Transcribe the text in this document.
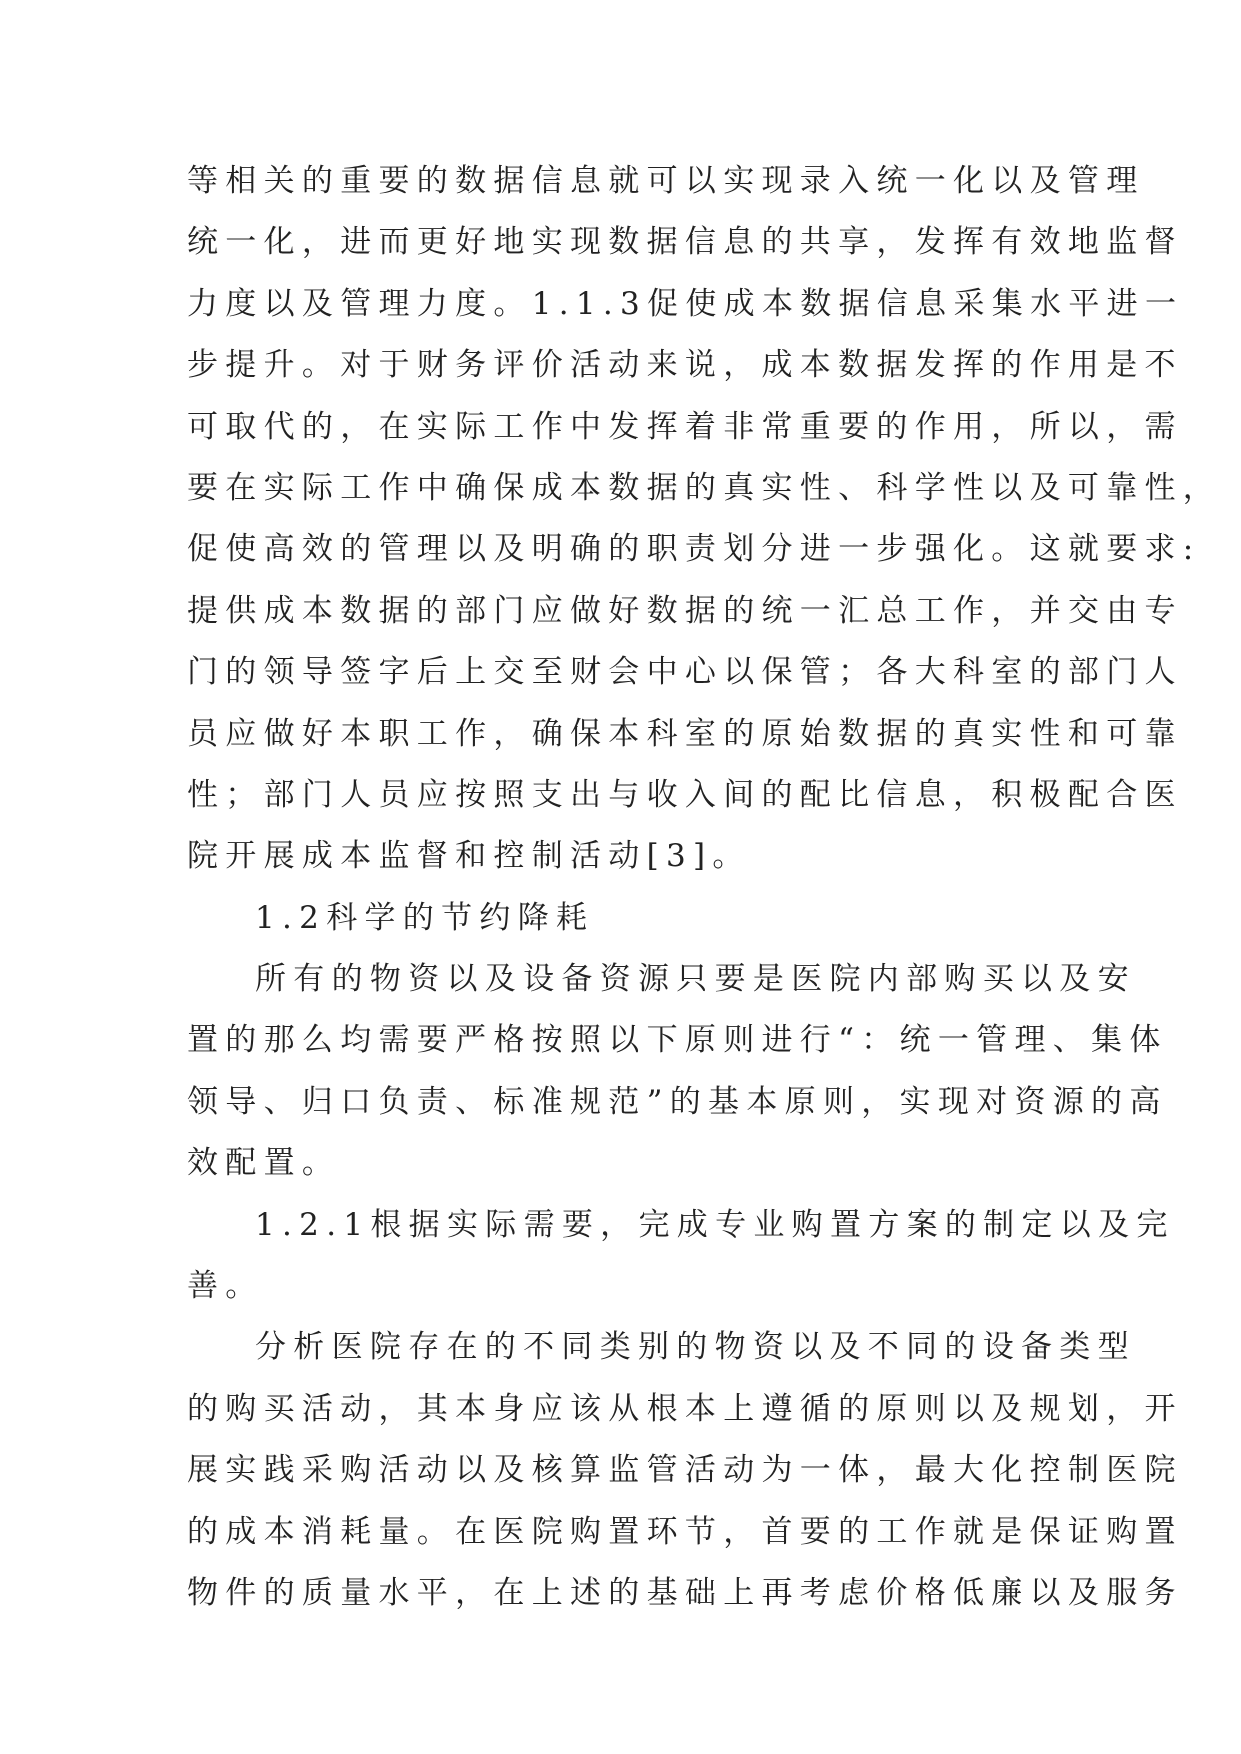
等相关的重要的数据信息就可以实现录入统一化以及管理
统一化，进而更好地实现数据信息的共享，发挥有效地监督
力度以及管理力度。1.1.3促使成本数据信息采集水平进一
步提升。对于财务评价活动来说，成本数据发挥的作用是不
可取代的，在实际工作中发挥着非常重要的作用，所以，需
要在实际工作中确保成本数据的真实性、科学性以及可靠性，
促使高效的管理以及明确的职责划分进一步强化。这就要求:
提供成本数据的部门应做好数据的统一汇总工作，并交由专
门的领导签字后上交至财会中心以保管；各大科室的部门人
员应做好本职工作，确保本科室的原始数据的真实性和可靠
性；部门人员应按照支出与收入间的配比信息，积极配合医
院开展成本监督和控制活动[3]。
1.2科学的节约降耗
所有的物资以及设备资源只要是医院内部购买以及安
置的那么均需要严格按照以下原则进行“：统一管理、集体
领导、归口负责、标准规范”的基本原则，实现对资源的高
效配置。
1.2.1根据实际需要，完成专业购置方案的制定以及完
善。
分析医院存在的不同类别的物资以及不同的设备类型
的购买活动，其本身应该从根本上遵循的原则以及规划，开
展实践采购活动以及核算监管活动为一体，最大化控制医院
的成本消耗量。在医院购置环节，首要的工作就是保证购置
物件的质量水平，在上述的基础上再考虑价格低廉以及服务
